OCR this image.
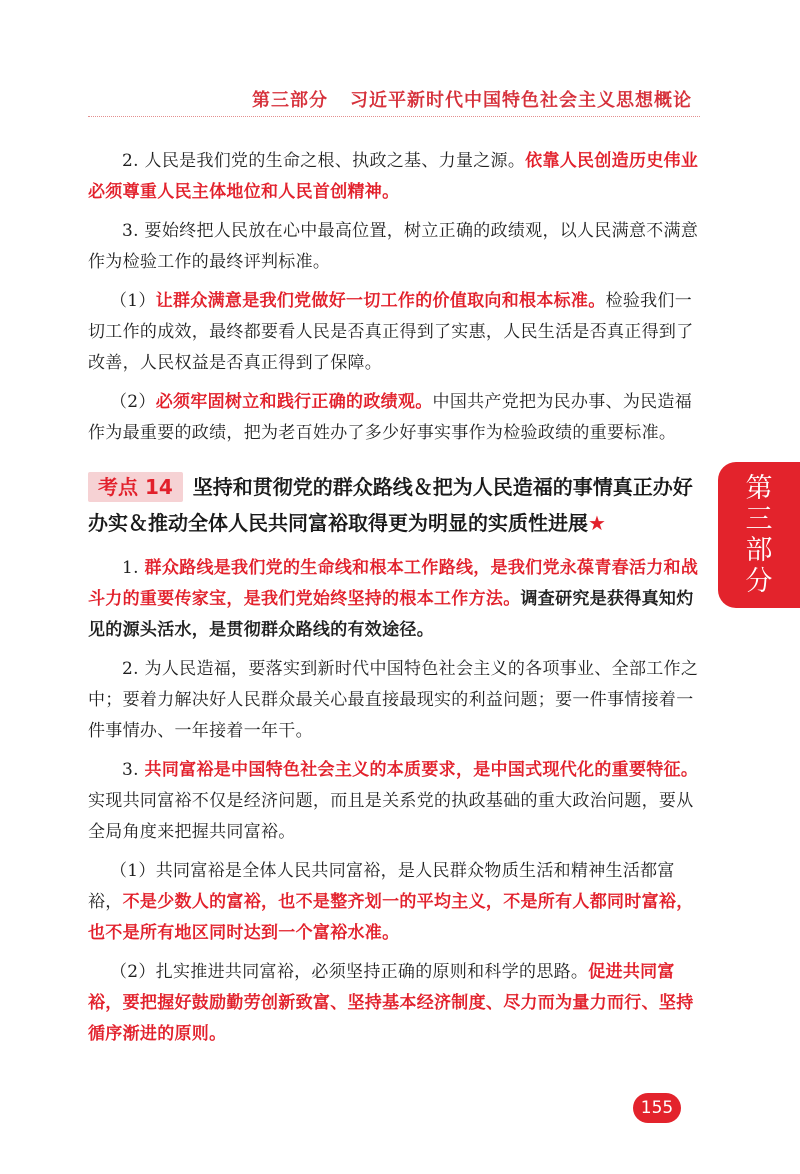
第三部分 习近平新时代中国特色社会主义思想概论

2. 人民是我们党的生命之根、执政之基、力量之源。依靠人民创造历史伟业必须尊重人民主体地位和人民首创精神。

3. 要始终把人民放在心中最高位置，树立正确的政绩观，以人民满意不满意作为检验工作的最终评判标准。

（1）让群众满意是我们党做好一切工作的价值取向和根本标准。检验我们一切工作的成效，最终都要看人民是否真正得到了实惠，人民生活是否真正得到了改善，人民权益是否真正得到了保障。

（2）必须牢固树立和践行正确的政绩观。中国共产党把为民办事、为民造福作为最重要的政绩，把为老百姓办了多少好事实事作为检验政绩的重要标准。

考点 14 坚持和贯彻党的群众路线＆把为人民造福的事情真正办好办实＆推动全体人民共同富裕取得更为明显的实质性进展★

1. 群众路线是我们党的生命线和根本工作路线，是我们党永葆青春活力和战斗力的重要传家宝，是我们党始终坚持的根本工作方法。调查研究是获得真知灼见的源头活水，是贯彻群众路线的有效途径。

2. 为人民造福，要落实到新时代中国特色社会主义的各项事业、全部工作之中；要着力解决好人民群众最关心最直接最现实的利益问题；要一件事情接着一件事情办、一年接着一年干。

3. 共同富裕是中国特色社会主义的本质要求，是中国式现代化的重要特征。实现共同富裕不仅是经济问题，而且是关系党的执政基础的重大政治问题，要从全局角度来把握共同富裕。

（1）共同富裕是全体人民共同富裕，是人民群众物质生活和精神生活都富裕，不是少数人的富裕，也不是整齐划一的平均主义，不是所有人都同时富裕，也不是所有地区同时达到一个富裕水准。

（2）扎实推进共同富裕，必须坚持正确的原则和科学的思路。促进共同富裕，要把握好鼓励勤劳创新致富、坚持基本经济制度、尽力而为量力而行、坚持循序渐进的原则。

第三部分
155
